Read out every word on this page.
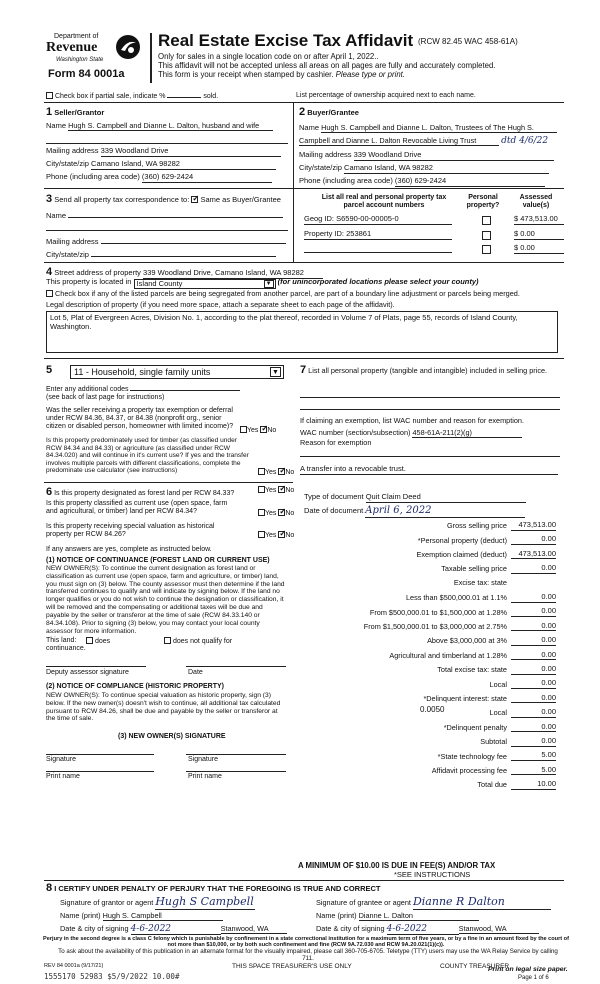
Department of
Revenue
Washington State
Form 84 0001a
Real Estate Excise Tax Affidavit (RCW 82.45 WAC 458-61A)
Only for sales in a single location code on or after April 1, 2022..
This affidavit will not be accepted unless all areas on all pages are fully and accurately completed.
This form is your receipt when stamped by cashier. Please type or print.
Check box if partial sale, indicate %	sold.	List percentage of ownership acquired next to each name.
1 Seller/Grantor
Name Hugh S. Campbell and Dianne L. Dalton, husband and wife
Mailing address 339 Woodland Drive
City/state/zip Camano Island, WA 98282
Phone (including area code) (360) 629-2424
2 Buyer/Grantee
Name Hugh S. Campbell and Dianne L. Dalton, Trustees of The Hugh S.
Campbell and Dianne L. Dalton Revocable Living Trust	dtd 4/6/22
Mailing address 339 Woodland Drive
City/state/zip Camano Island, WA 98282
Phone (including area code) (360) 629-2424
3 Send all property tax correspondence to: ✓ Same as Buyer/Grantee
Name
Mailing address
City/state/zip
List all real and personal property tax
parcel account numbers
Personal
property?
Assessed
value(s)
Geog ID: S6590-00-00005-0	$ 473,513.00
Property ID: 253861	$ 0.00
$ 0.00
4 Street address of property 339 Woodland Drive, Camano Island, WA 98282
This property is located in Island County	▼ (for unincorporated locations please select your county)
Check box if any of the listed parcels are being segregated from another parcel, are part of a boundary line adjustment or parcels being merged.
Legal description of property (if you need more space, attach a separate sheet to each page of the affidavit).
Lot 5, Plat of Evergreen Acres, Division No. 1, according to the plat thereof, recorded in Volume 7 of Plats, page 55, records of Island County, Washington.
5	11 - Household, single family units	▼
Enter any additional codes
(see back of last page for instructions)
Was the seller receiving a property tax exemption or deferral under RCW 84.36, 84.37, or 84.38 (nonprofit org., senior citizen or disabled person, homeowner with limited income)?
Yes ✓ No
Is this property predominately used for timber (as classified under RCW 84.34 and 84.33) or agriculture (as classified under RCW 84.34.020) and will continue in it's current use? If yes and the transfer involves multiple parcels with different classifications, complete the predominate use calculator (see instructions)	Yes ✓ No
6 Is this property designated as forest land per RCW 84.33?	Yes ✓ No
Is this property classified as current use (open space, farm and agricultural, or timber) land per RCW 84.34?	Yes ✓ No
Is this property receiving special valuation as historical property per RCW 84.26?	Yes ✓ No
If any answers are yes, complete as instructed below.
(1) NOTICE OF CONTINUANCE (FOREST LAND OR CURRENT USE)
NEW OWNER(S): To continue the current designation as forest land or classification as current use (open space, farm and agriculture, or timber) land, you must sign on (3) below. The county assessor must then determine if the land transferred continues to qualify and will indicate by signing below. If the land no longer qualifies or you do not wish to continue the designation or classification, it will be removed and the compensating or additional taxes will be due and payable by the seller or transferor at the time of sale (RCW 84.33.140 or 84.34.108). Prior to signing (3) below, you may contact your local county assessor for more information.
This land:	does	does not qualify for
continuance.
Deputy assessor signature	Date
(2) NOTICE OF COMPLIANCE (HISTORIC PROPERTY)
NEW OWNER(S): To continue special valuation as historic property, sign (3) below. If the new owner(s) doesn't wish to continue, all additional tax calculated pursuant to RCW 84.26, shall be due and payable by the seller or transferor at the time of sale.
(3) NEW OWNER(S) SIGNATURE
Signature	Signature
Print name	Print name
7 List all personal property (tangible and intangible) included in selling price.
If claiming an exemption, list WAC number and reason for exemption.
WAC number (section/subsection) 458-61A-211(2)(g)
Reason for exemption
A transfer into a revocable trust.
Type of document Quit Claim Deed
Date of document April 6, 2022
Gross selling price	473,513.00
*Personal property (deduct)	0.00
Exemption claimed (deduct)	473,513.00
Taxable selling price	0.00
Excise tax: state
Less than $500,000.01 at 1.1%	0.00
From $500,000.01 to $1,500,000 at 1.28%	0.00
From $1,500,000.01 to $3,000,000 at 2.75%	0.00
Above $3,000,000 at 3%	0.00
Agricultural and timberland at 1.28%	0.00
Total excise tax: state	0.00
Local	0.00
*Delinquent interest: state	0.00
Local	0.00
*Delinquent penalty	0.00
Subtotal	0.00
*State technology fee	5.00
Affidavit processing fee	5.00
Total due	10.00
0.0050
A MINIMUM OF $10.00 IS DUE IN FEE(S) AND/OR TAX
*SEE INSTRUCTIONS
8 I CERTIFY UNDER PENALTY OF PERJURY THAT THE FOREGOING IS TRUE AND CORRECT
Signature of grantor or agent Hugh S Campbell	Signature of grantee or agent Dianne R Dalton
Name (print) Hugh S. Campbell	Name (print) Dianne L. Dalton
Date & city of signing 4-6-2022	Stanwood, WA	Date & city of signing 4-6-2022	Stanwood, WA
Perjury in the second degree is a class C felony which is punishable by confinement in a state correctional institution for a maximum term of five years, or by a fine in an amount fixed by the court of not more than $10,000, or by both such confinement and fine (RCW 9A.72.030 and RCW 9A.20.021(1)(c)).
To ask about the availability of this publication in an alternate format for the visually impaired, please call 360-705-6705. Teletype (TTY) users may use the WA Relay Service by calling 711.
REV 84 0001a (9/17/21)	THIS SPACE TREASURER'S USE ONLY	COUNTY TREASURER
1555170 52983 $5/9/2022 10.00#
Print on legal size paper.
Page 1 of 6
